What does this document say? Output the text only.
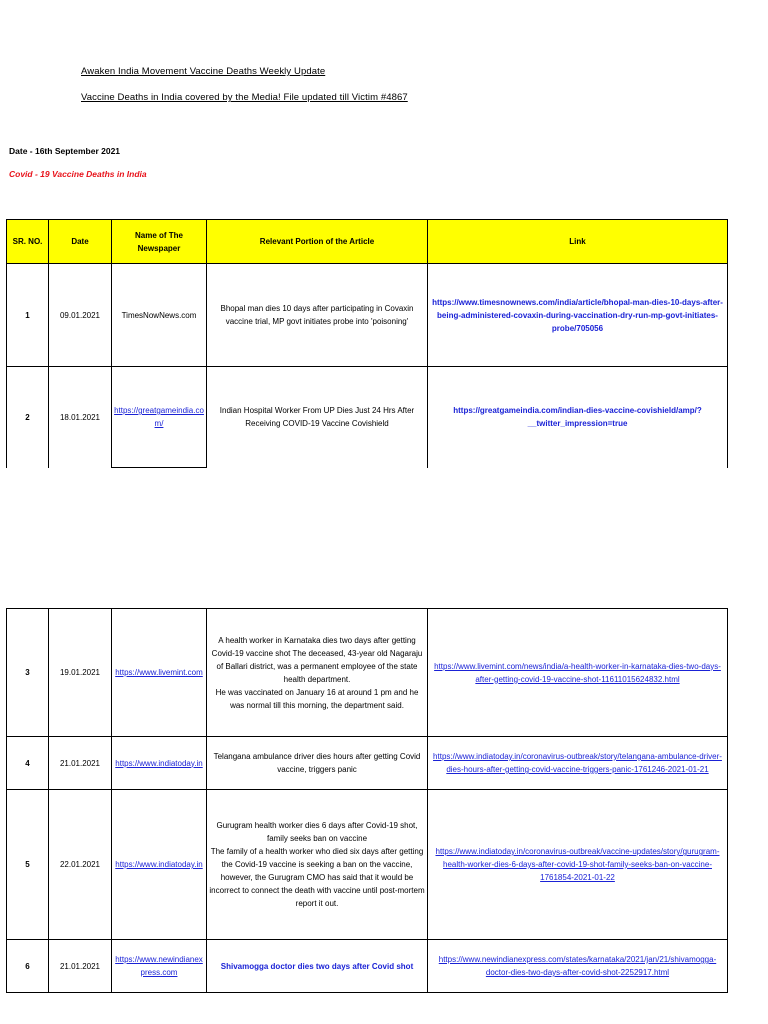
Awaken India Movement Vaccine Deaths Weekly Update
Vaccine Deaths in India covered by the Media! File updated till Victim #4867
Date - 16th September 2021
Covid - 19 Vaccine Deaths in India
SR. NO.	Date	Name of The Newspaper	Relevant Portion of the Article	Link
1	09.01.2021	TimesNowNews.com	Bhopal man dies 10 days after participating in Covaxin vaccine trial, MP govt initiates probe into 'poisoning'	https://www.timesnownews.com/india/article/bhopal-man-dies-10-days-after-being-administered-covaxin-during-vaccination-dry-run-mp-govt-initiates-probe/705056
2	18.01.2021	https://greatgameindia.com/	Indian Hospital Worker From UP Dies Just 24 Hrs After Receiving COVID-19 Vaccine Covishield	https://greatgameindia.com/indian-dies-vaccine-covishield/amp/?__twitter_impression=true
3	19.01.2021	https://www.livemint.com	A health worker in Karnataka dies two days after getting Covid-19 vaccine shot The deceased, 43-year old Nagaraju of Ballari district, was a permanent employee of the state health department.
He was vaccinated on January 16 at around 1 pm and he was normal till this morning, the department said.	https://www.livemint.com/news/india/a-health-worker-in-karnataka-dies-two-days-after-getting-covid-19-vaccine-shot-11611015624832.html
4	21.01.2021	https://www.indiatoday.in	Telangana ambulance driver dies hours after getting Covid vaccine, triggers panic	https://www.indiatoday.in/coronavirus-outbreak/story/telangana-ambulance-driver-dies-hours-after-getting-covid-vaccine-triggers-panic-1761246-2021-01-21
5	22.01.2021	https://www.indiatoday.in	Gurugram health worker dies 6 days after Covid-19 shot, family seeks ban on vaccine
The family of a health worker who died six days after getting the Covid-19 vaccine is seeking a ban on the vaccine, however, the Gurugram CMO has said that it would be incorrect to connect the death with vaccine until post-mortem report it out.	https://www.indiatoday.in/coronavirus-outbreak/vaccine-updates/story/gurugram-health-worker-dies-6-days-after-covid-19-shot-family-seeks-ban-on-vaccine-1761854-2021-01-22
6	21.01.2021	https://www.newindianexpress.com	Shivamogga doctor dies two days after Covid shot	https://www.newindianexpress.com/states/karnataka/2021/jan/21/shivamogga-doctor-dies-two-days-after-covid-shot-2252917.html
